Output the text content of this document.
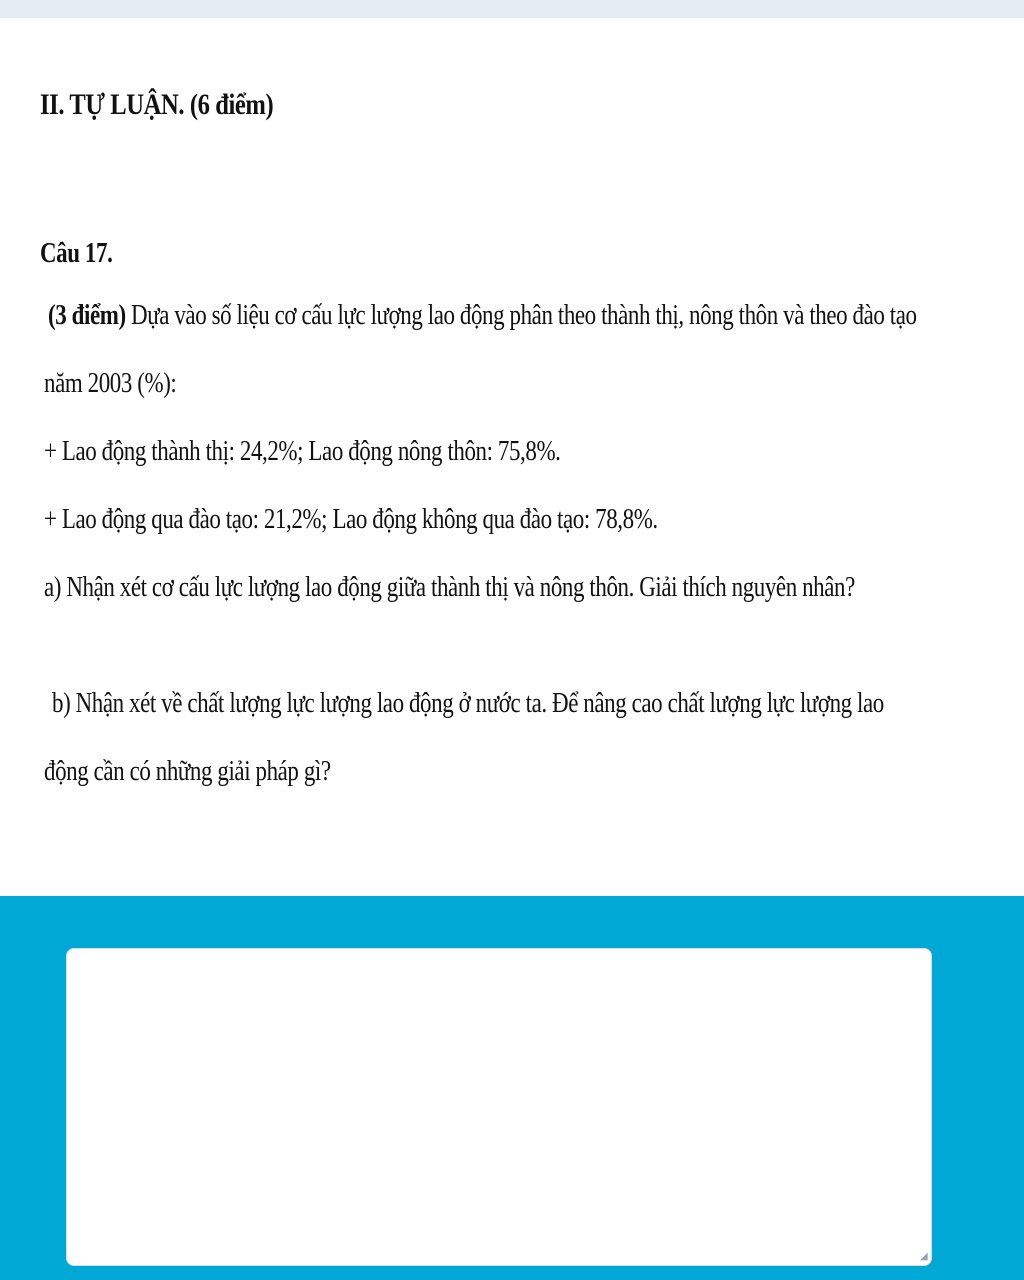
II. TỰ LUẬN. (6 điểm)
Câu 17.
(3 điểm) Dựa vào số liệu cơ cấu lực lượng lao động phân theo thành thị, nông thôn và theo đào tạo
năm 2003 (%):
+ Lao động thành thị: 24,2%; Lao động nông thôn: 75,8%.
+ Lao động qua đào tạo: 21,2%; Lao động không qua đào tạo: 78,8%.
a) Nhận xét cơ cấu lực lượng lao động giữa thành thị và nông thôn. Giải thích nguyên nhân?
b) Nhận xét về chất lượng lực lượng lao động ở nước ta. Để nâng cao chất lượng lực lượng lao
động cần có những giải pháp gì?
◢
